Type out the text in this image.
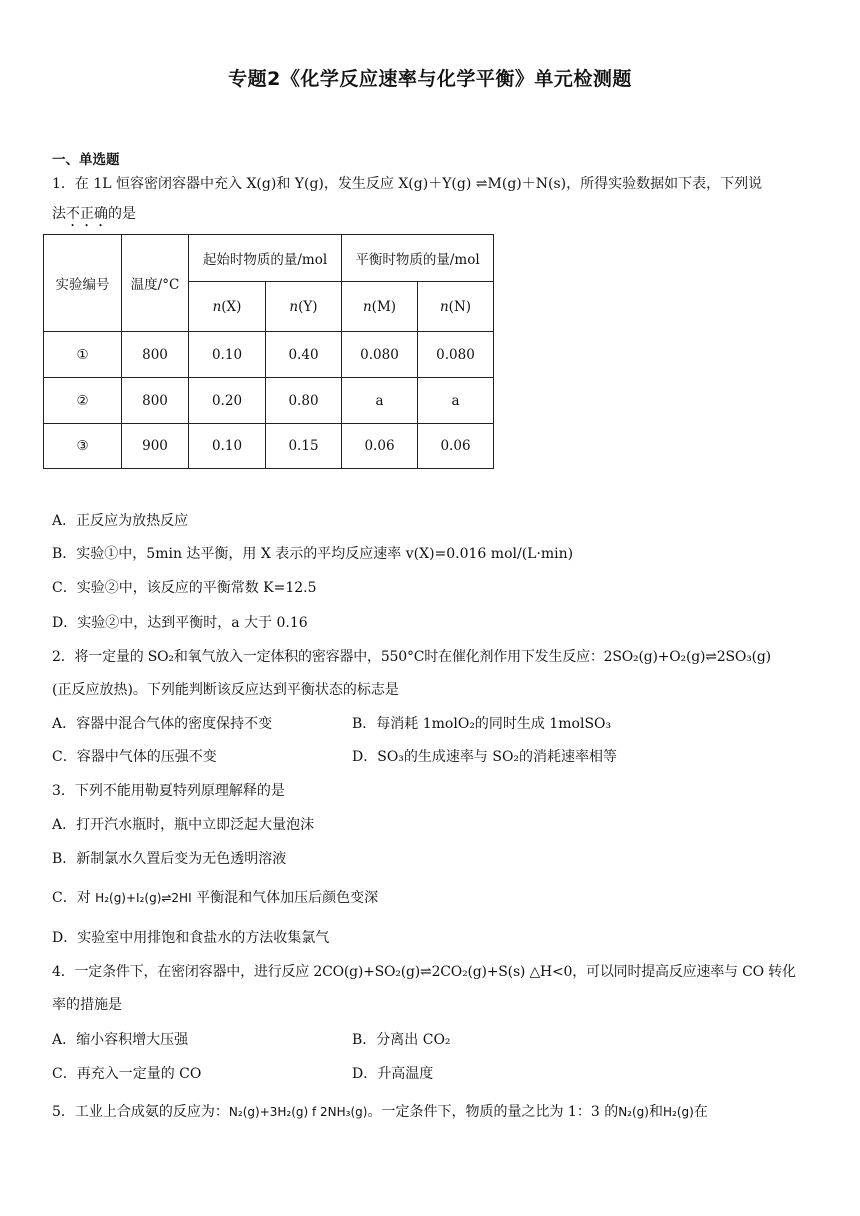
专题2《化学反应速率与化学平衡》单元检测题
一、单选题
1．在 1L 恒容密闭容器中充入 X(g)和 Y(g)，发生反应 X(g)＋Y(g) ⇌M(g)＋N(s)，所得实验数据如下表，下列说
法不正确的是
实验编号	温度/°C	起始时物质的量/mol		平衡时物质的量/mol	
		n(X)	n(Y)	n(M)	n(N)
①	800	0.10	0.40	0.080	0.080
②	800	0.20	0.80	a	a
③	900	0.10	0.15	0.06	0.06
A．正反应为放热反应
B．实验①中，5min 达平衡，用 X 表示的平均反应速率 v(X)=0.016 mol/(L·min)
C．实验②中，该反应的平衡常数 K=12.5
D．实验②中，达到平衡时，a 大于 0.16
2．将一定量的 SO₂和氧气放入一定体积的密容器中，550°C时在催化剂作用下发生反应：2SO₂(g)+O₂(g)⇌2SO₃(g)
(正反应放热)。下列能判断该反应达到平衡状态的标志是
A．容器中混合气体的密度保持不变	B．每消耗 1molO₂的同时生成 1molSO₃
C．容器中气体的压强不变	D．SO₃的生成速率与 SO₂的消耗速率相等
3．下列不能用勒夏特列原理解释的是
A．打开汽水瓶时，瓶中立即泛起大量泡沫
B．新制氯水久置后变为无色透明溶液
C．对 H₂(g)+I₂(g)⇌2HI 平衡混和气体加压后颜色变深
D．实验室中用排饱和食盐水的方法收集氯气
4．一定条件下，在密闭容器中，进行反应 2CO(g)+SO₂(g)⇌2CO₂(g)+S(s) △H<0，可以同时提高反应速率与 CO 转化
率的措施是
A．缩小容积增大压强	B．分离出 CO₂
C．再充入一定量的 CO	D．升高温度
5．工业上合成氨的反应为：N₂(g)+3H₂(g) f 2NH₃(g)。一定条件下，物质的量之比为 1：3 的N₂(g)和H₂(g)在
